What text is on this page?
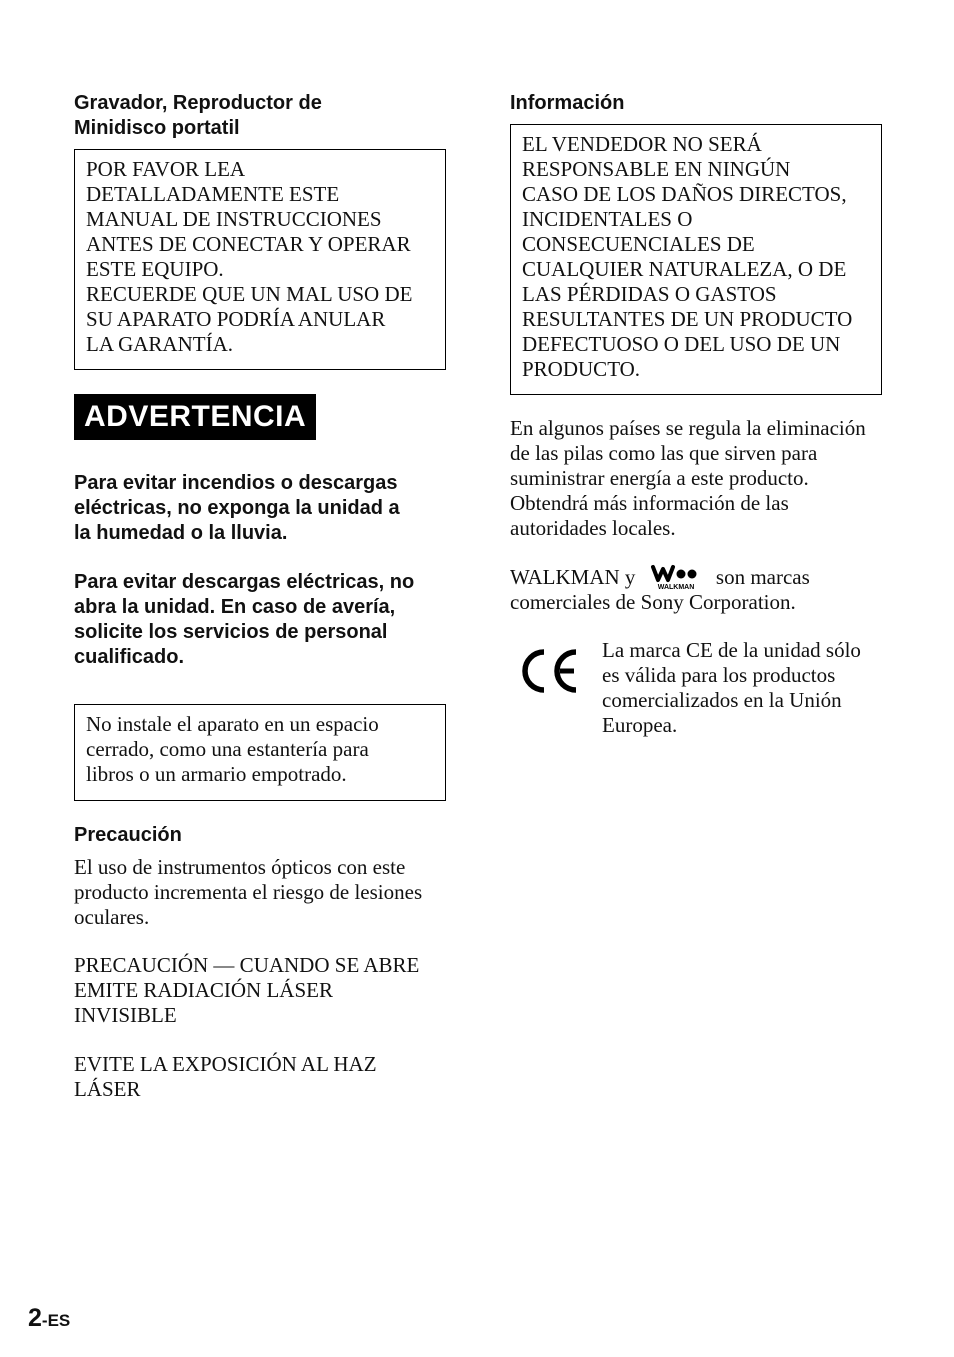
Gravador, Reproductor de
Minidisco portatil
POR FAVOR LEA
DETALLADAMENTE ESTE
MANUAL DE INSTRUCCIONES
ANTES DE CONECTAR Y OPERAR
ESTE EQUIPO.
RECUERDE QUE UN MAL USO DE
SU APARATO PODRÍA ANULAR
LA GARANTÍA.
ADVERTENCIA
Para evitar incendios o descargas
eléctricas, no exponga la unidad a
la humedad o la lluvia.
Para evitar descargas eléctricas, no
abra la unidad. En caso de avería,
solicite los servicios de personal
cualificado.
No instale el aparato en un espacio
cerrado, como una estantería para
libros o un armario empotrado.
Precaución
El uso de instrumentos ópticos con este
producto incrementa el riesgo de lesiones
oculares.
PRECAUCIÓN — CUANDO SE ABRE
EMITE RADIACIÓN LÁSER
INVISIBLE
EVITE LA EXPOSICIÓN AL HAZ
LÁSER
Información
EL VENDEDOR NO SERÁ
RESPONSABLE EN NINGÚN
CASO DE LOS DAÑOS DIRECTOS,
INCIDENTALES O
CONSECUENCIALES DE
CUALQUIER NATURALEZA, O DE
LAS PÉRDIDAS O GASTOS
RESULTANTES DE UN PRODUCTO
DEFECTUOSO O DEL USO DE UN
PRODUCTO.
En algunos países se regula la eliminación
de las pilas como las que sirven para
suministrar energía a este producto.
Obtendrá más información de las
autoridades locales.
WALKMAN y	WALKMAN son marcas
comerciales de Sony Corporation.
La marca CE de la unidad sólo
es válida para los productos
comercializados en la Unión
Europea.
2-ES
